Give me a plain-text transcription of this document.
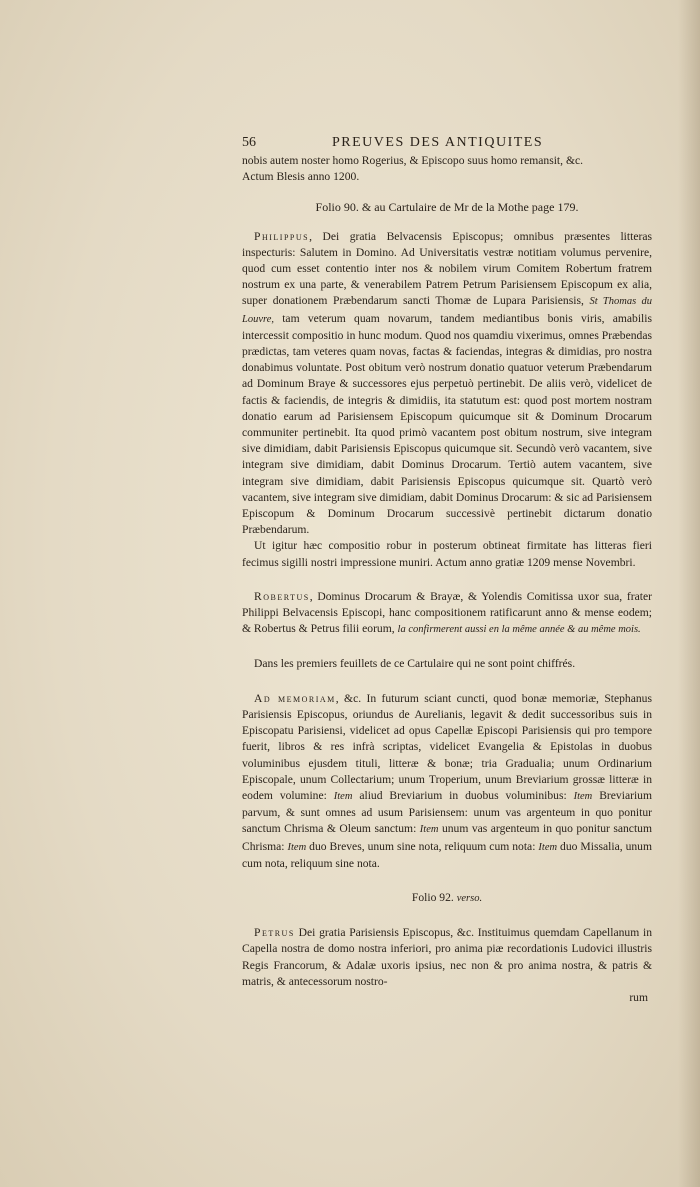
56	PREUVES DES ANTIQUITES

nobis autem noster homo Rogerius, & Episcopo suus homo remansit, &c.

Actum Blesis anno 1200.

Folio 90. & au Cartulaire de Mr de la Mothe page 179.

Philippus, Dei gratia Belvacensis Episcopus; omnibus præsentes litteras inspecturis: Salutem in Domino. Ad Universitatis vestræ notitiam volumus pervenire, quod cum esset contentio inter nos & nobilem virum Comitem Robertum fratrem nostrum ex una parte, & venerabilem Patrem Petrum Parisiensem Episcopum ex alia, super donationem Præbendarum sancti Thomæ de Lupara Parisiensis, St Thomas du Louvre, tam veterum quam novarum, tandem mediantibus bonis viris, amabilis intercessit compositio in hunc modum. Quod nos quamdiu vixerimus, omnes Præbendas prædictas, tam veteres quam novas, factas & faciendas, integras & dimidias, pro nostra donabimus voluntate. Post obitum verò nostrum donatio quatuor veterum Præbendarum ad Dominum Braye & successores ejus perpetuò pertinebit. De aliis verò, videlicet de factis & faciendis, de integris & dimidiis, ita statutum est: quod post mortem nostram donatio earum ad Parisiensem Episcopum quicumque sit & Dominum Drocarum communiter pertinebit. Ita quod primò vacantem post obitum nostrum, sive integram sive dimidiam, dabit Parisiensis Episcopus quicumque sit. Secundò verò vacantem, sive integram sive dimidiam, dabit Dominus Drocarum. Tertiò autem vacantem, sive integram sive dimidiam, dabit Parisiensis Episcopus quicumque sit. Quartò verò vacantem, sive integram sive dimidiam, dabit Dominus Drocarum: & sic ad Parisiensem Episcopum & Dominum Drocarum successivè pertinebit dictarum donatio Præbendarum.

Ut igitur hæc compositio robur in posterum obtineat firmitate has litteras fieri fecimus sigilli nostri impressione muniri. Actum anno gratiæ 1209 mense Novembri.

Robertus, Dominus Drocarum & Brayæ, & Yolendis Comitissa uxor sua, frater Philippi Belvacensis Episcopi, hanc compositionem ratificarunt anno & mense eodem; & Robertus & Petrus filii eorum, la confirmerent aussi en la même année & au même mois.

Dans les premiers feuillets de ce Cartulaire qui ne sont point chiffrés.

Ad memoriam, &c. In futurum sciant cuncti, quod bonæ memoriæ, Stephanus Parisiensis Episcopus, oriundus de Aurelianis, legavit & dedit successoribus suis in Episcopatu Parisiensi, videlicet ad opus Capellæ Episcopi Parisiensis qui pro tempore fuerit, libros & res infrà scriptas, videlicet Evangelia & Epistolas in duobus voluminibus ejusdem tituli, litteræ & bonæ; tria Gradualia; unum Ordinarium Episcopale, unum Collectarium; unum Troperium, unum Breviarium grossæ litteræ in eodem volumine: Item aliud Breviarium in duobus voluminibus: Item Breviarium parvum, & sunt omnes ad usum Parisiensem: unum vas argenteum in quo ponitur sanctum Chrisma & Oleum sanctum: Item unum vas argenteum in quo ponitur sanctum Chrisma: Item duo Breves, unum sine nota, reliquum cum nota: Item duo Missalia, unum cum nota, reliquum sine nota.

Folio 92. verso.

Petrus Dei gratia Parisiensis Episcopus, &c. Instituimus quemdam Capellanum in Capella nostra de domo nostra inferiori, pro anima piæ recordationis Ludovici illustris Regis Francorum, & Adalæ uxoris ipsius, nec non & pro anima nostra, & patris & matris, & antecessorum nostro-

rum
